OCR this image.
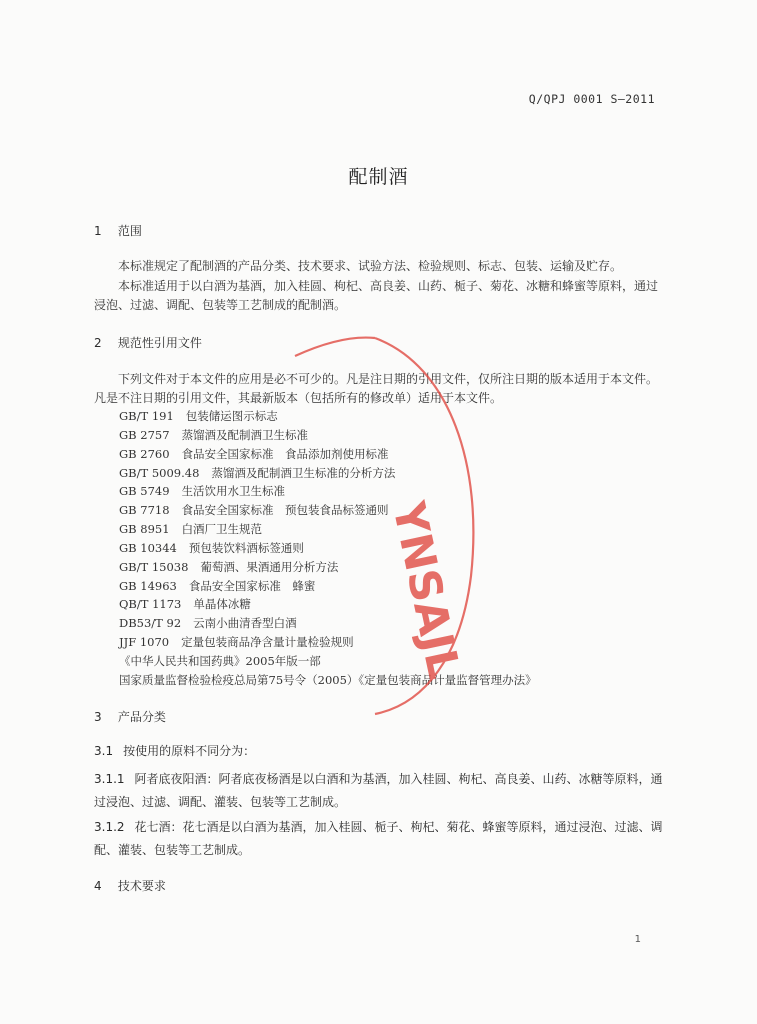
Q/QPJ 0001 S—2011
配制酒
1 范围

本标准规定了配制酒的产品分类、技术要求、试验方法、检验规则、标志、包装、运输及贮存。

本标准适用于以白酒为基酒，加入桂圆、枸杞、高良姜、山药、栀子、菊花、冰糖和蜂蜜等原料，通过浸泡、过滤、调配、包装等工艺制成的配制酒。

2 规范性引用文件

下列文件对于本文件的应用是必不可少的。凡是注日期的引用文件，仅所注日期的版本适用于本文件。凡是不注日期的引用文件，其最新版本（包括所有的修改单）适用于本文件。

GB/T 191 包装储运图示标志
GB 2757 蒸馏酒及配制酒卫生标准
GB 2760 食品安全国家标准　食品添加剂使用标准
GB/T 5009.48 蒸馏酒及配制酒卫生标准的分析方法
GB 5749 生活饮用水卫生标准
GB 7718 食品安全国家标准　预包装食品标签通则
GB 8951 白酒厂卫生规范
GB 10344 预包装饮料酒标签通则
GB/T 15038 葡萄酒、果酒通用分析方法
GB 14963 食品安全国家标准　蜂蜜
QB/T 1173 单晶体冰糖
DB53/T 92 云南小曲清香型白酒
JJF 1070 定量包装商品净含量计量检验规则
《中华人民共和国药典》2005年版一部
国家质量监督检验检疫总局第75号令（2005）《定量包装商品计量监督管理办法》
3 产品分类

3.1 按使用的原料不同分为：

3.1.1 阿者底夜阳酒：阿者底夜杨酒是以白酒和为基酒，加入桂圆、枸杞、高良姜、山药、冰糖等原料，通过浸泡、过滤、调配、灌装、包装等工艺制成。

3.1.2 花七酒：花七酒是以白酒为基酒，加入桂圆、栀子、枸杞、菊花、蜂蜜等原料，通过浸泡、过滤、调配、灌装、包装等工艺制成。

4 技术要求
1
YNSAJL
